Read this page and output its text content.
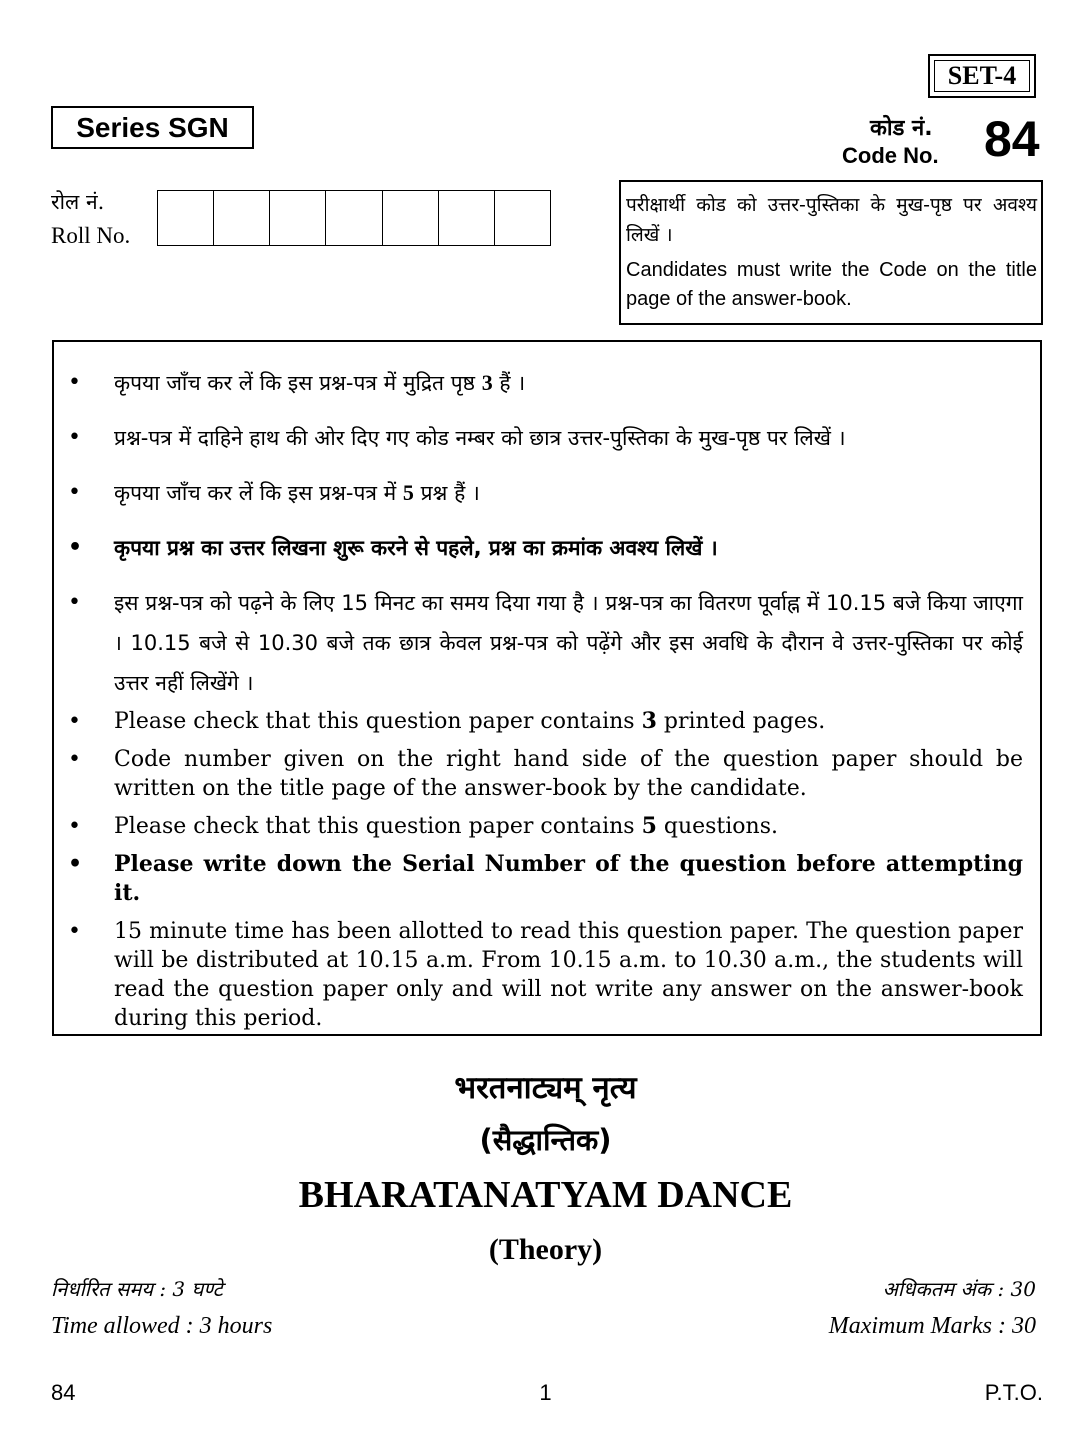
SET-4
Series SGN	कोड नं.
Code No. 84
रोल नं.
Roll No.
परीक्षार्थी कोड को उत्तर-पुस्तिका के मुख-पृष्ठ पर अवश्य लिखें ।
Candidates must write the Code on the title page of the answer-book.
• कृपया जाँच कर लें कि इस प्रश्न-पत्र में मुद्रित पृष्ठ 3 हैं ।
• प्रश्न-पत्र में दाहिने हाथ की ओर दिए गए कोड नम्बर को छात्र उत्तर-पुस्तिका के मुख-पृष्ठ पर लिखें ।
• कृपया जाँच कर लें कि इस प्रश्न-पत्र में 5 प्रश्न हैं ।
• कृपया प्रश्न का उत्तर लिखना शुरू करने से पहले, प्रश्न का क्रमांक अवश्य लिखें ।
• इस प्रश्न-पत्र को पढ़ने के लिए 15 मिनट का समय दिया गया है । प्रश्न-पत्र का वितरण पूर्वाह्न में 10.15 बजे किया जाएगा । 10.15 बजे से 10.30 बजे तक छात्र केवल प्रश्न-पत्र को पढ़ेंगे और इस अवधि के दौरान वे उत्तर-पुस्तिका पर कोई उत्तर नहीं लिखेंगे ।
• Please check that this question paper contains 3 printed pages.
• Code number given on the right hand side of the question paper should be written on the title page of the answer-book by the candidate.
• Please check that this question paper contains 5 questions.
• Please write down the Serial Number of the question before attempting it.
• 15 minute time has been allotted to read this question paper. The question paper will be distributed at 10.15 a.m. From 10.15 a.m. to 10.30 a.m., the students will read the question paper only and will not write any answer on the answer-book during this period.
भरतनाट्यम् नृत्य
(सैद्धान्तिक)
BHARATANATYAM DANCE
(Theory)
निर्धारित समय : 3 घण्टे
Time allowed : 3 hours
अधिकतम अंक : 30
Maximum Marks : 30
84	1	P.T.O.
